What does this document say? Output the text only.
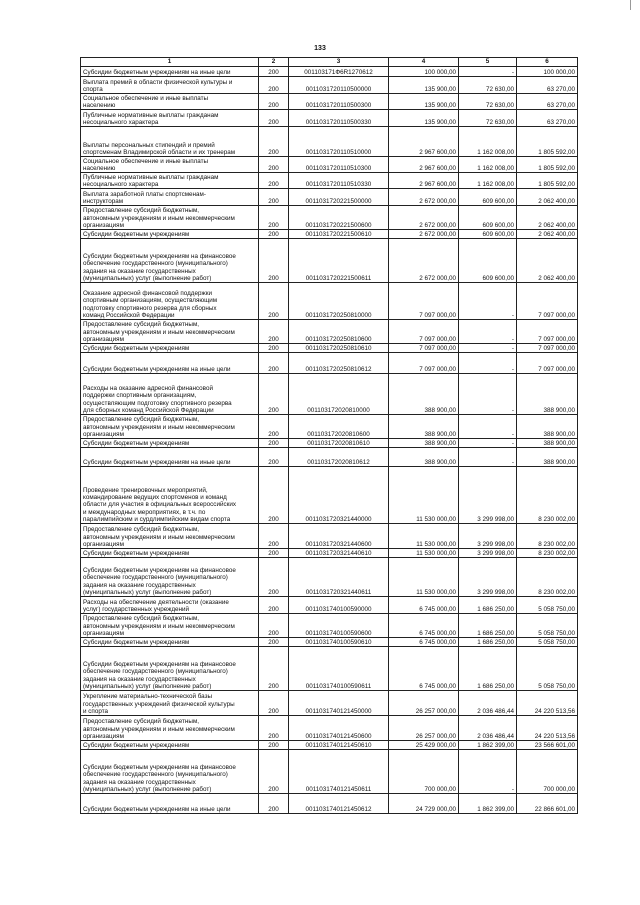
133
1	2	3	4	5	6
Субсидии бюджетным учреждениям на иные цели	200	001103171Ф6R1270612	100 000,00	-	100 000,00
Выплата премий в области физической культуры и
спорта	200	0011031720110500000	135 900,00	72 630,00	63 270,00
Социальное обеспечение и иные выплаты
населению	200	0011031720110500300	135 900,00	72 630,00	63 270,00
Публичные нормативные выплаты гражданам
несоциального характера	200	0011031720110500330	135 900,00	72 630,00	63 270,00
Выплаты персональных стипендий и премий
спортсменам Владимирской области и их тренерам	200	0011031720110510000	2 967 600,00	1 162 008,00	1 805 592,00
Социальное обеспечение и иные выплаты
населению	200	0011031720110510300	2 967 600,00	1 162 008,00	1 805 592,00
Публичные нормативные выплаты гражданам
несоциального характера	200	0011031720110510330	2 967 600,00	1 162 008,00	1 805 592,00
Выплата заработной платы спортсменам-
инструкторам	200	0011031720221500000	2 672 000,00	609 600,00	2 062 400,00
Предоставление субсидий бюджетным,
автономным учреждениям и иным некоммерческим
организациям	200	0011031720221500600	2 672 000,00	609 600,00	2 062 400,00
Субсидии бюджетным учреждениям	200	0011031720221500610	2 672 000,00	609 600,00	2 062 400,00
Субсидии бюджетным учреждениям на финансовое
обеспечение государственного (муниципального)
задания на оказание государственных
(муниципальных) услуг (выполнение работ)	200	0011031720221500611	2 672 000,00	609 600,00	2 062 400,00
Оказание адресной финансовой поддержки
спортивным организациям, осуществляющим
подготовку спортивного резерва для сборных
команд Российской Федерации	200	0011031720250810000	7 097 000,00	-	7 097 000,00
Предоставление субсидий бюджетным,
автономным учреждениям и иным некоммерческим
организациям	200	0011031720250810600	7 097 000,00	-	7 097 000,00
Субсидии бюджетным учреждениям	200	0011031720250810610	7 097 000,00	-	7 097 000,00
Субсидии бюджетным учреждениям на иные цели	200	0011031720250810612	7 097 000,00	-	7 097 000,00
Расходы на оказание адресной финансовой
поддержки спортивным организациям,
осуществляющим подготовку спортивного резерва
для сборных команд Российской Федерации	200	001103172020810000	388 900,00	-	388 900,00
Предоставление субсидий бюджетным,
автономным учреждениям и иным некоммерческим
организациям	200	001103172020810600	388 900,00	-	388 900,00
Субсидии бюджетным учреждениям	200	001103172020810610	388 900,00	-	388 900,00
Субсидии бюджетным учреждениям на иные цели	200	001103172020810612	388 900,00	-	388 900,00
Проведение тренировочных мероприятий,
командирование ведущих спортсменов и команд
области для участия в официальных всероссийских
и международных мероприятиях, в т.ч. по
паралимпийским и сурдлимпийским видам спорта	200	0011031720321440000	11 530 000,00	3 299 998,00	8 230 002,00
Предоставление субсидий бюджетным,
автономным учреждениям и иным некоммерческим
организациям	200	0011031720321440600	11 530 000,00	3 299 998,00	8 230 002,00
Субсидии бюджетным учреждениям	200	0011031720321440610	11 530 000,00	3 299 998,00	8 230 002,00
Субсидии бюджетным учреждениям на финансовое
обеспечение государственного (муниципального)
задания на оказание государственных
(муниципальных) услуг (выполнение работ)	200	0011031720321440611	11 530 000,00	3 299 998,00	8 230 002,00
Расходы на обеспечение деятельности (оказание
услуг) государственных учреждений	200	0011031740100590000	6 745 000,00	1 686 250,00	5 058 750,00
Предоставление субсидий бюджетным,
автономным учреждениям и иным некоммерческим
организациям	200	0011031740100590600	6 745 000,00	1 686 250,00	5 058 750,00
Субсидии бюджетным учреждениям	200	0011031740100590610	6 745 000,00	1 686 250,00	5 058 750,00
Субсидии бюджетным учреждениям на финансовое
обеспечение государственного (муниципального)
задания на оказание государственных
(муниципальных) услуг (выполнение работ)	200	0011031740100590611	6 745 000,00	1 686 250,00	5 058 750,00
Укрепление материально-технической базы
государственных учреждений физической культуры
и спорта	200	0011031740121450000	26 257 000,00	2 036 486,44	24 220 513,56
Предоставление субсидий бюджетным,
автономным учреждениям и иным некоммерческим
организациям	200	0011031740121450600	26 257 000,00	2 036 486,44	24 220 513,56
Субсидии бюджетным учреждениям	200	0011031740121450610	25 429 000,00	1 862 399,00	23 566 601,00
Субсидии бюджетным учреждениям на финансовое
обеспечение государственного (муниципального)
задания на оказание государственных
(муниципальных) услуг (выполнение работ)	200	0011031740121450611	700 000,00	-	700 000,00
Субсидии бюджетным учреждениям на иные цели	200	0011031740121450612	24 729 000,00	1 862 399,00	22 866 601,00
